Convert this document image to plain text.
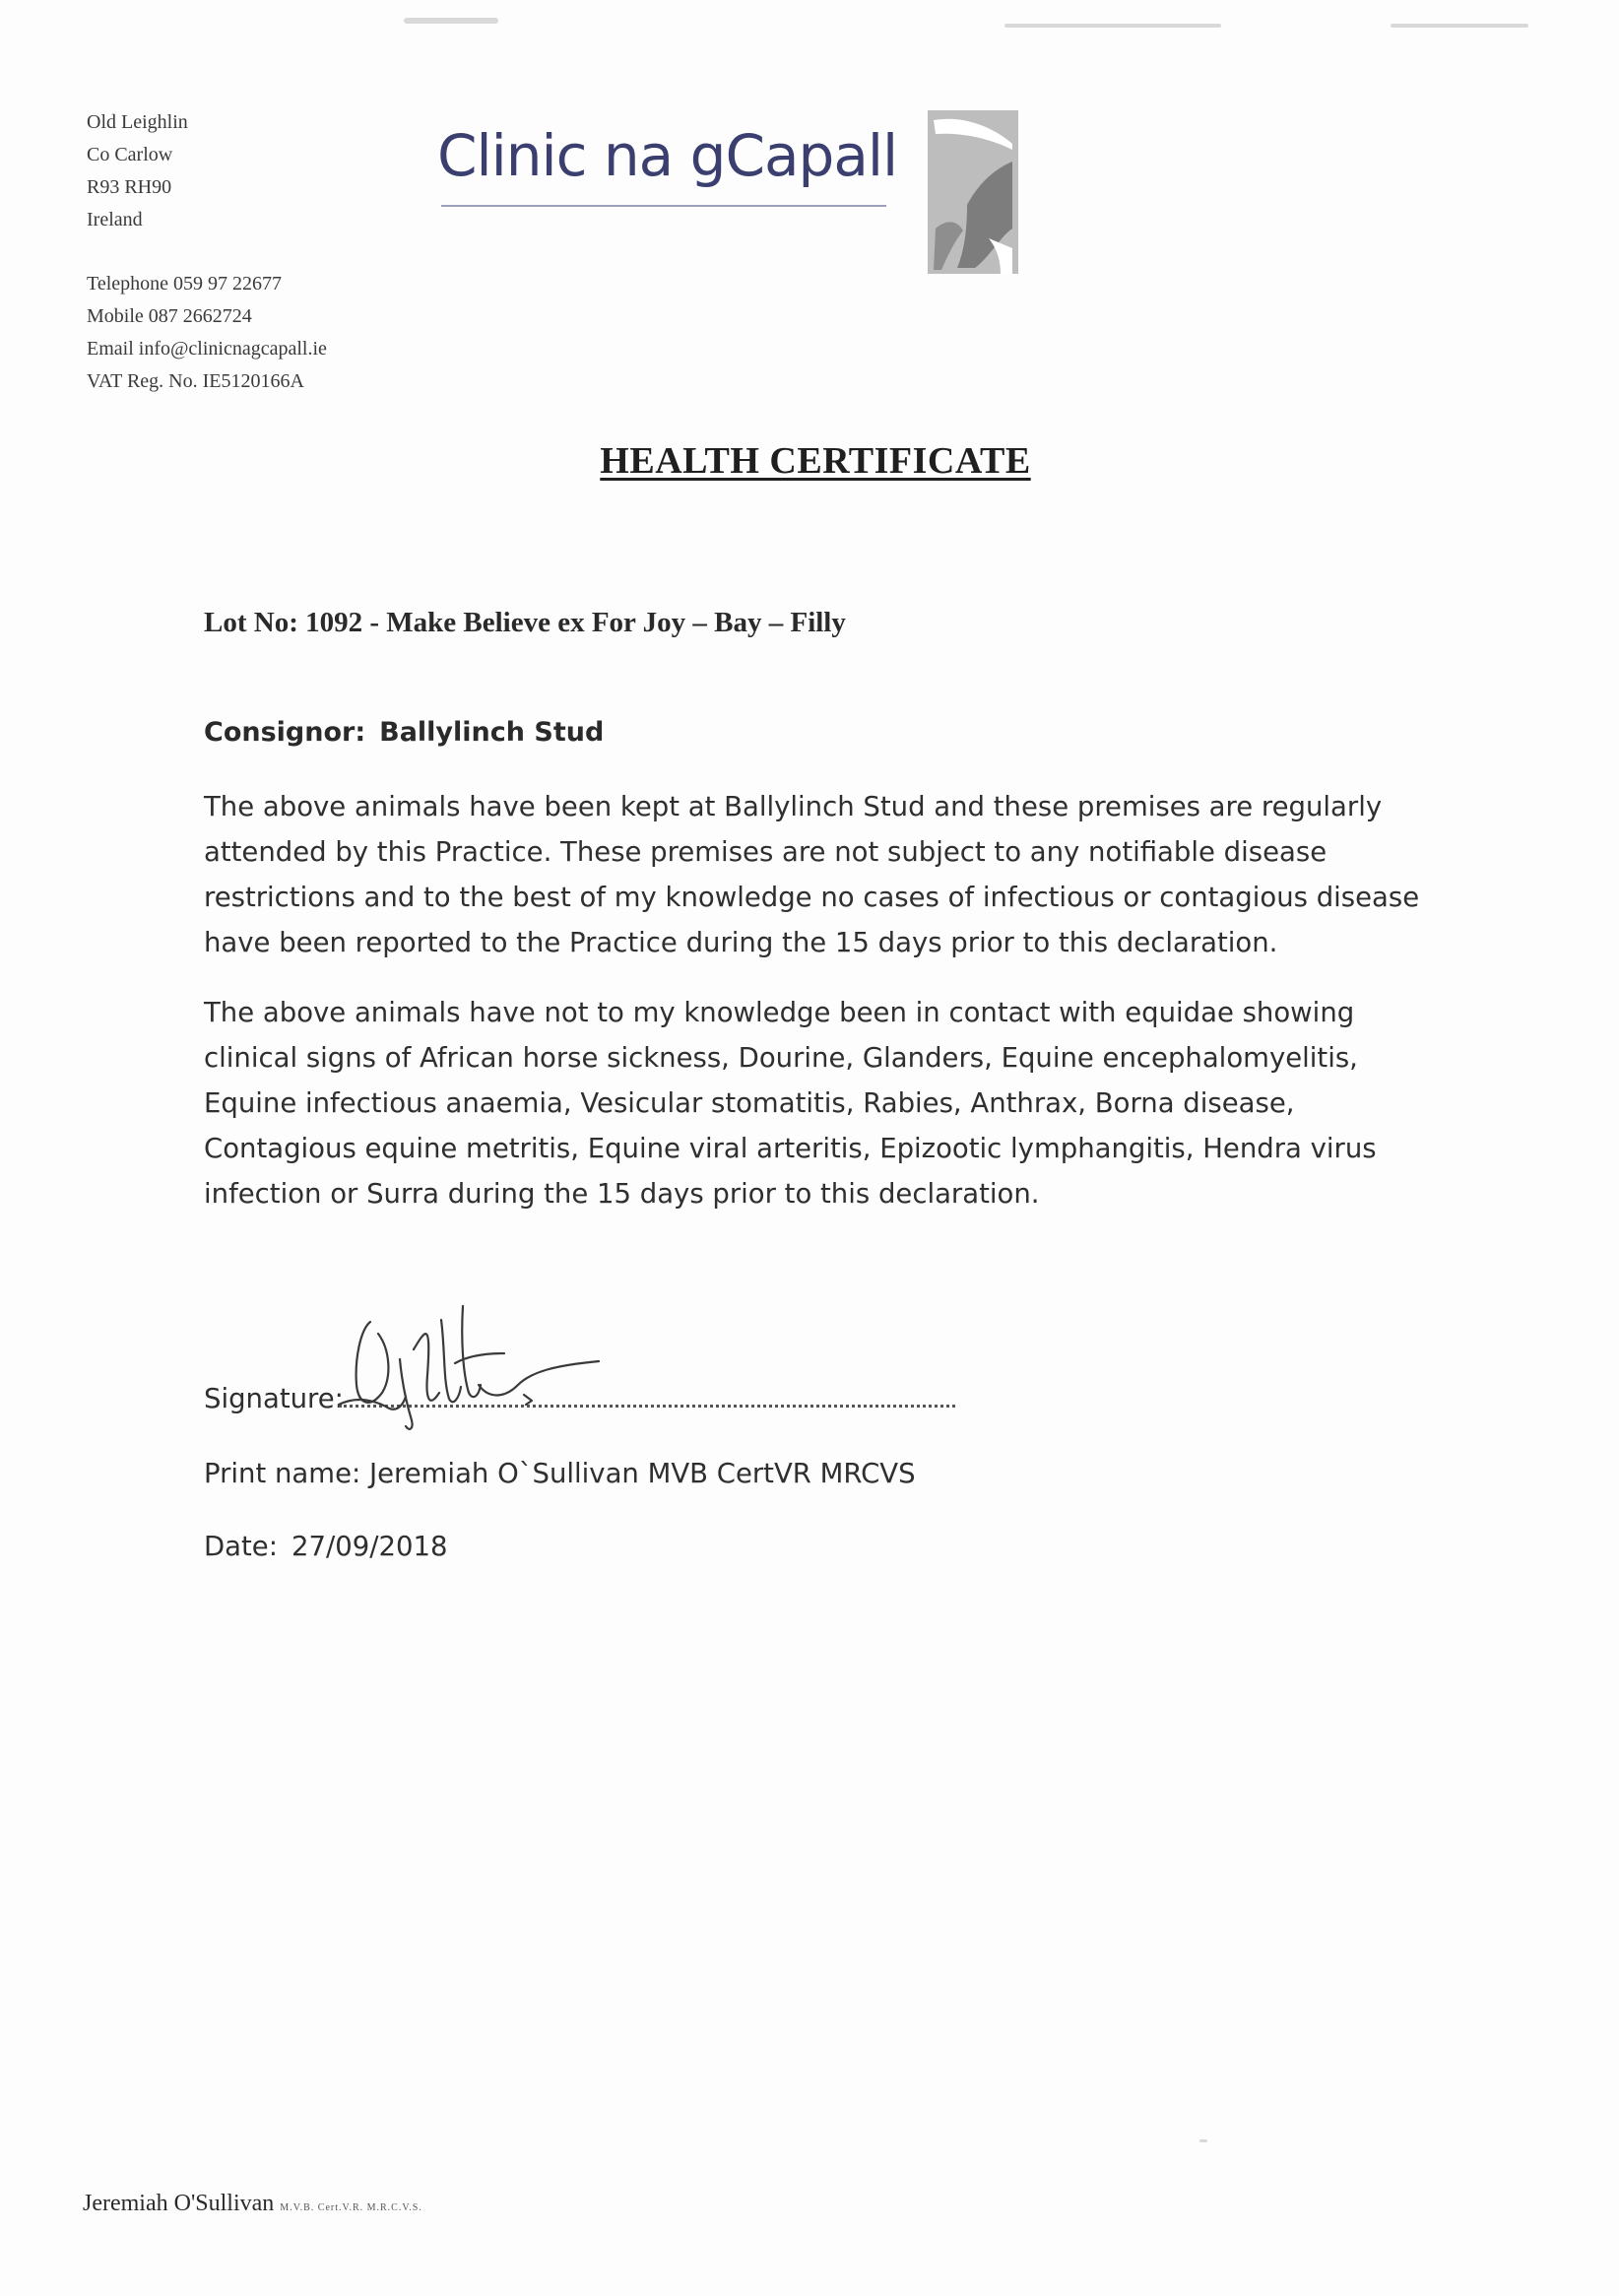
Old Leighlin
Co Carlow
R93 RH90
Ireland
Telephone 059 97 22677
Mobile 087 2662724
Email info@clinicnagcapall.ie
VAT Reg. No. IE5120166A
Clinic na gCapall
HEALTH CERTIFICATE
Lot No: 1092 - Make Believe ex For Joy – Bay – Filly
Consignor: Ballylinch Stud
The above animals have been kept at Ballylinch Stud and these premises are regularly attended by this Practice. These premises are not subject to any notifiable disease restrictions and to the best of my knowledge no cases of infectious or contagious disease have been reported to the Practice during the 15 days prior to this declaration.
The above animals have not to my knowledge been in contact with equidae showing clinical signs of African horse sickness, Dourine, Glanders, Equine encephalomyelitis, Equine infectious anaemia, Vesicular stomatitis, Rabies, Anthrax, Borna disease, Contagious equine metritis, Equine viral arteritis, Epizootic lymphangitis, Hendra virus infection or Surra during the 15 days prior to this declaration.
Signature:
Print name: Jeremiah O`Sullivan MVB CertVR MRCVS
Date: 27/09/2018
Jeremiah O'Sullivan M.V.B. Cert.V.R. M.R.C.V.S.
